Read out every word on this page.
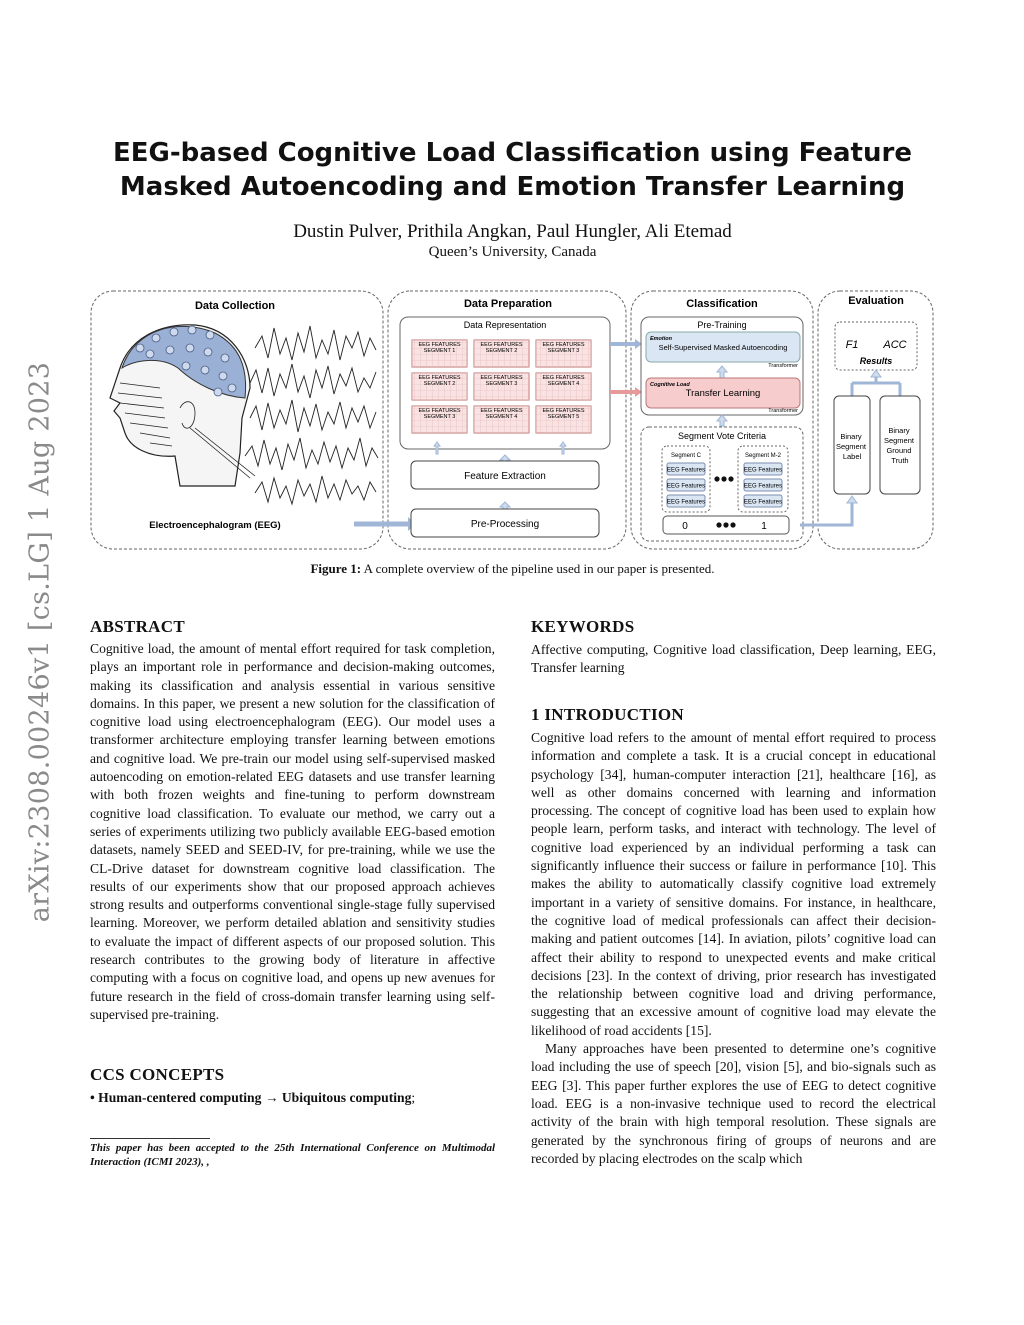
arXiv:2308.00246v1 [cs.LG] 1 Aug 2023
EEG-based Cognitive Load Classification using Feature Masked Autoencoding and Emotion Transfer Learning
Dustin Pulver, Prithila Angkan, Paul Hungler, Ali Etemad
Queen’s University, Canada
Data Collection
Electroencephalogram (EEG)
Data Preparation
Data Representation
EEG FEATURES
SEGMENT 1
EEG FEATURES
SEGMENT 2
EEG FEATURES
SEGMENT 3
EEG FEATURES
SEGMENT 2
EEG FEATURES
SEGMENT 3
EEG FEATURES
SEGMENT 4
EEG FEATURES
SEGMENT 3
EEG FEATURES
SEGMENT 4
EEG FEATURES
SEGMENT 5
Feature Extraction
Pre-Processing
Classification
Pre-Training
Emotion
Self-Supervised Masked Autoencoding
Transformer
Cognitive Load
Transfer Learning
Transformer
Segment Vote Criteria
Segment C
EEG Features
EEG Features
EEG Features
Segment M-2
EEG Features
EEG Features
EEG Features
0	1
Evaluation
F1 ACC
Results
Binary Segment Label
Binary Segment Ground Truth
Figure 1: A complete overview of the pipeline used in our paper is presented.
ABSTRACT

Cognitive load, the amount of mental effort required for task completion, plays an important role in performance and decision-making outcomes, making its classification and analysis essential in various sensitive domains. In this paper, we present a new solution for the classification of cognitive load using electroencephalogram (EEG). Our model uses a transformer architecture employing transfer learning between emotions and cognitive load. We pre-train our model using self-supervised masked autoencoding on emotion-related EEG datasets and use transfer learning with both frozen weights and fine-tuning to perform downstream cognitive load classification. To evaluate our method, we carry out a series of experiments utilizing two publicly available EEG-based emotion datasets, namely SEED and SEED-IV, for pre-training, while we use the CL-Drive dataset for downstream cognitive load classification. The results of our experiments show that our proposed approach achieves strong results and outperforms conventional single-stage fully supervised learning. Moreover, we perform detailed ablation and sensitivity studies to evaluate the impact of different aspects of our proposed solution. This research contributes to the growing body of literature in affective computing with a focus on cognitive load, and opens up new avenues for future research in the field of cross-domain transfer learning using self-supervised pre-training.

CCS CONCEPTS

• Human-centered computing → Ubiquitous computing;

This paper has been accepted to the 25th International Conference on Multimodal Interaction (ICMI 2023), ,
KEYWORDS

Affective computing, Cognitive load classification, Deep learning, EEG, Transfer learning

1 INTRODUCTION

Cognitive load refers to the amount of mental effort required to process information and complete a task. It is a crucial concept in educational psychology [34], human-computer interaction [21], healthcare [16], as well as other domains concerned with learning and information processing. The concept of cognitive load has been used to explain how people learn, perform tasks, and interact with technology. The level of cognitive load experienced by an individual performing a task can significantly influence their success or failure in performance [10]. This makes the ability to automatically classify cognitive load extremely important in a variety of sensitive domains. For instance, in healthcare, the cognitive load of medical professionals can affect their decision-making and patient outcomes [14]. In aviation, pilots’ cognitive load can affect their ability to respond to unexpected events and make critical decisions [23]. In the context of driving, prior research has investigated the relationship between cognitive load and driving performance, suggesting that an excessive amount of cognitive load may elevate the likelihood of road accidents [15].

Many approaches have been presented to determine one’s cognitive load including the use of speech [20], vision [5], and bio-signals such as EEG [3]. This paper further explores the use of EEG to detect cognitive load. EEG is a non-invasive technique used to record the electrical activity of the brain with high temporal resolution. These signals are generated by the synchronous firing of groups of neurons and are recorded by placing electrodes on the scalp which
